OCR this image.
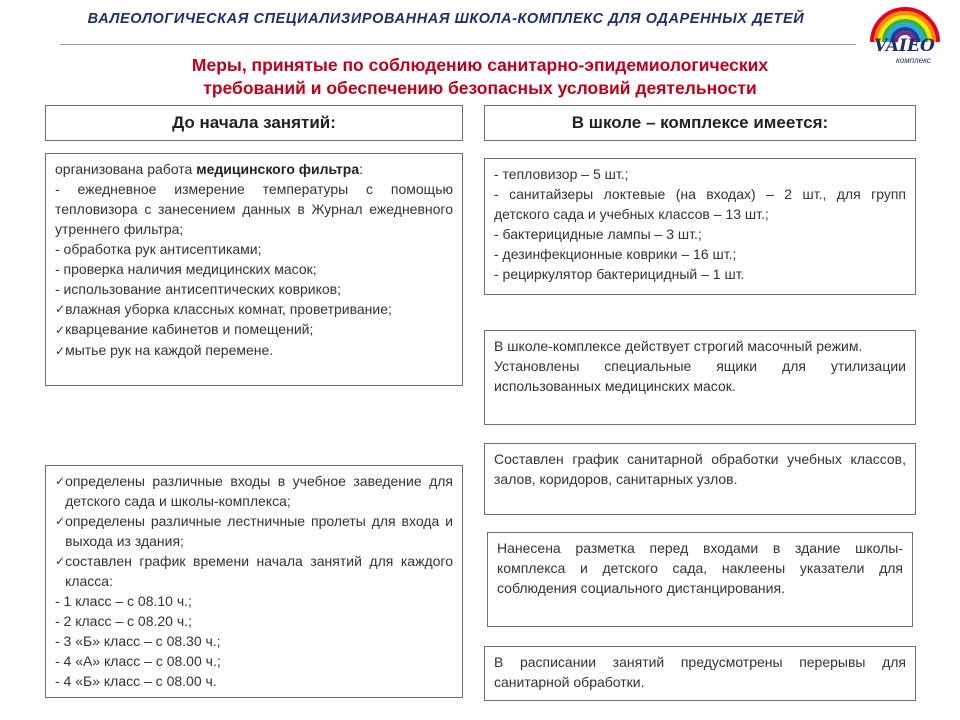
ВАЛЕОЛОГИЧЕСКАЯ СПЕЦИАЛИЗИРОВАННАЯ ШКОЛА-КОМПЛЕКС ДЛЯ ОДАРЕННЫХ ДЕТЕЙ
VAIEO
комплекс
Меры, принятые по соблюдению санитарно-эпидемиологических
требований и обеспечению безопасных условий деятельности
До начала занятий:	В школе – комплексе имеется:
организована работа медицинского фильтра:
- ежедневное измерение температуры с помощью тепловизора с занесением данных в Журнал ежедневного утреннего фильтра;
- обработка рук антисептиками;
- проверка наличия медицинских масок;
- использование антисептических ковриков;
✓ влажная уборка классных комнат, проветривание;
✓кварцевание кабинетов и помещений;
✓мытье рук на каждой перемене.
✓ определены различные входы в учебное заведение для детского сада и школы-комплекса;
✓ определены различные лестничные пролеты для входа и выхода из здания;
✓ составлен график времени начала занятий для каждого класса:
- 1 класс – с 08.10 ч.;
- 2 класс – с 08.20 ч.;
- 3 «Б» класс – с 08.30 ч.;
- 4 «А» класс – с 08.00 ч.;
- 4 «Б» класс – с 08.00 ч.
- тепловизор – 5 шт.;
- санитайзеры локтевые (на входах) – 2 шт., для групп детского сада и учебных классов – 13 шт.;
- бактерицидные лампы – 3 шт.;
- дезинфекционные коврики – 16 шт.;
- рециркулятор бактерицидный – 1 шт.
В школе-комплексе действует строгий масочный режим.
Установлены специальные ящики для утилизации использованных медицинских масок.
Составлен график санитарной обработки учебных классов, залов, коридоров, санитарных узлов.
Нанесена разметка перед входами в здание школы-комплекса и детского сада, наклеены указатели для соблюдения социального дистанцирования.
В расписании занятий предусмотрены перерывы для санитарной обработки.
